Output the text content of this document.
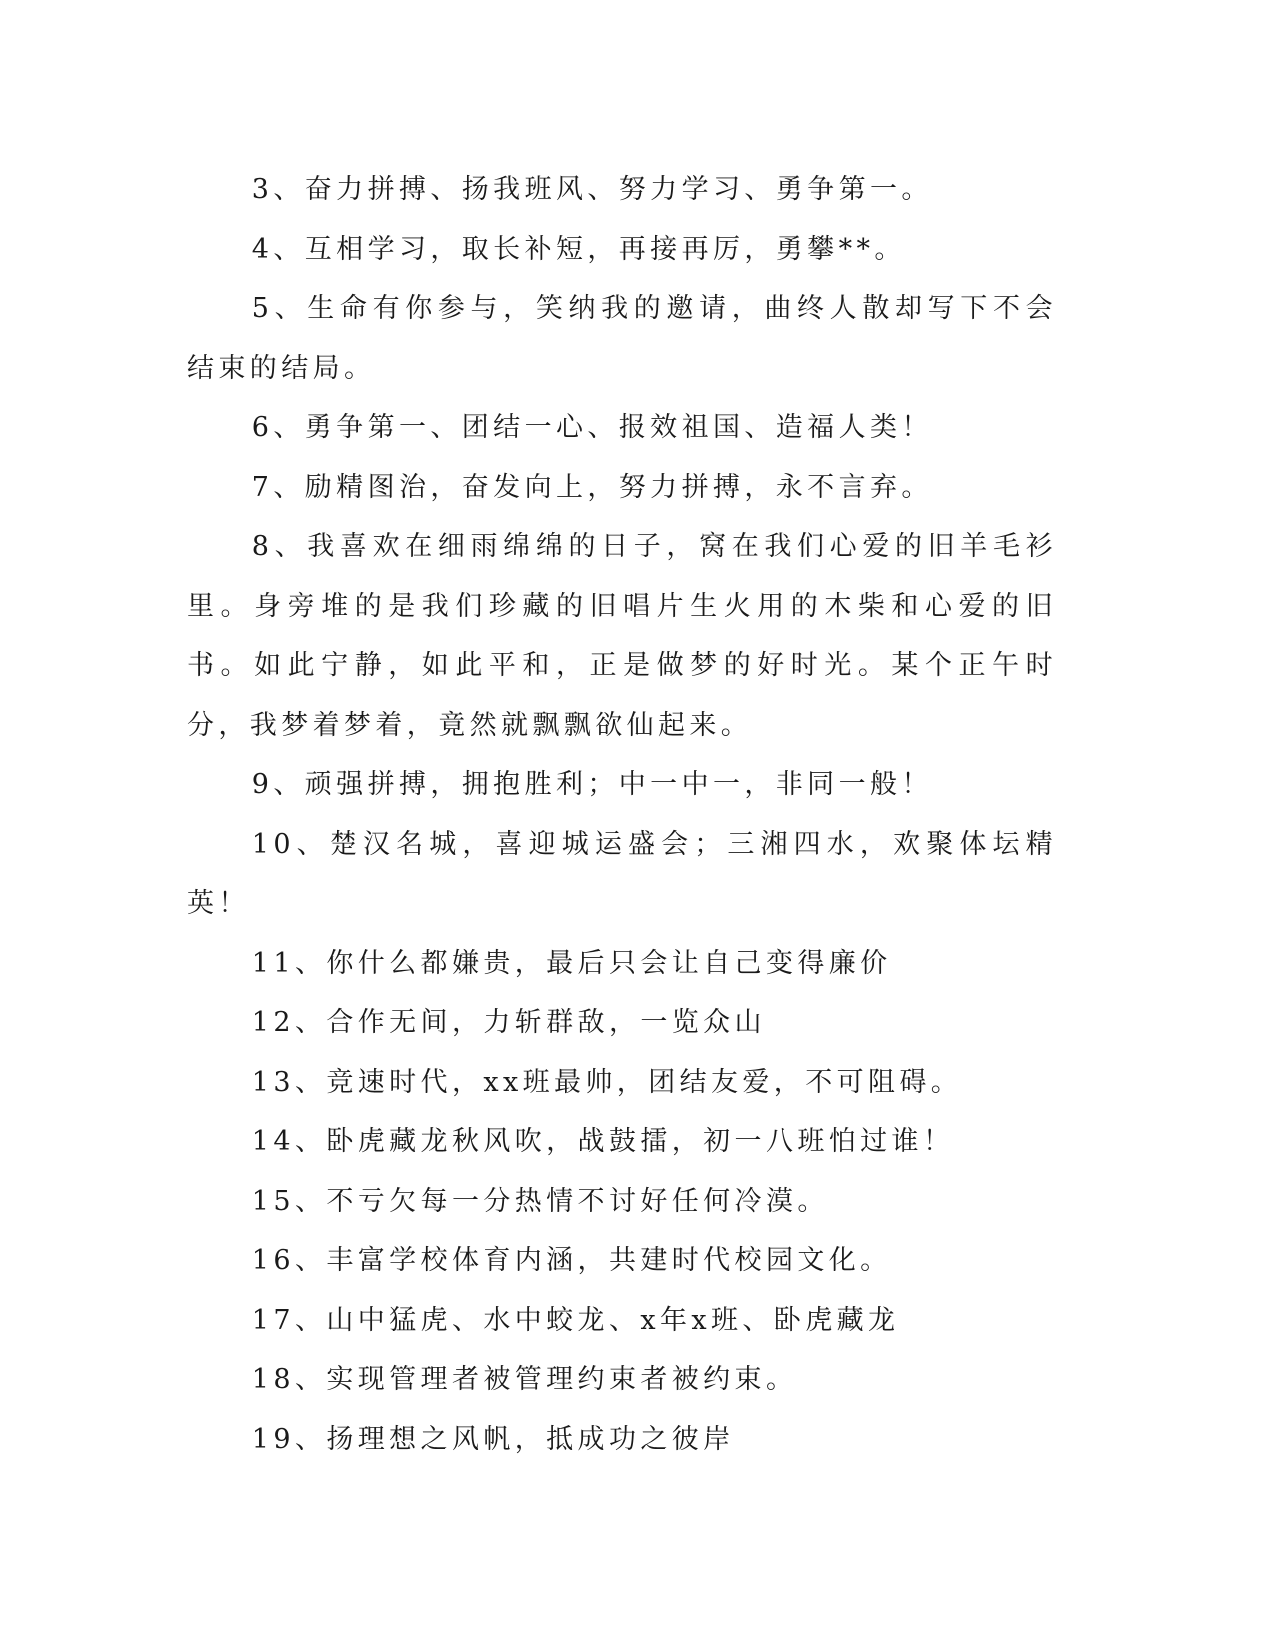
3、奋力拼搏、扬我班风、努力学习、勇争第一。

4、互相学习，取长补短，再接再厉，勇攀**。

5、生命有你参与，笑纳我的邀请，曲终人散却写下不会结束的结局。

6、勇争第一、团结一心、报效祖国、造福人类！

7、励精图治，奋发向上，努力拼搏，永不言弃。

8、我喜欢在细雨绵绵的日子，窝在我们心爱的旧羊毛衫里。身旁堆的是我们珍藏的旧唱片生火用的木柴和心爱的旧书。如此宁静，如此平和，正是做梦的好时光。某个正午时分，我梦着梦着，竟然就飘飘欲仙起来。

9、顽强拼搏，拥抱胜利；中一中一，非同一般！

10、楚汉名城，喜迎城运盛会；三湘四水，欢聚体坛精英！

11、你什么都嫌贵，最后只会让自己变得廉价

12、合作无间，力斩群敌，一览众山

13、竞速时代，xx班最帅，团结友爱，不可阻碍。

14、卧虎藏龙秋风吹，战鼓擂，初一八班怕过谁！

15、不亏欠每一分热情不讨好任何冷漠。

16、丰富学校体育内涵，共建时代校园文化。

17、山中猛虎、水中蛟龙、x年x班、卧虎藏龙

18、实现管理者被管理约束者被约束。

19、扬理想之风帆，抵成功之彼岸
